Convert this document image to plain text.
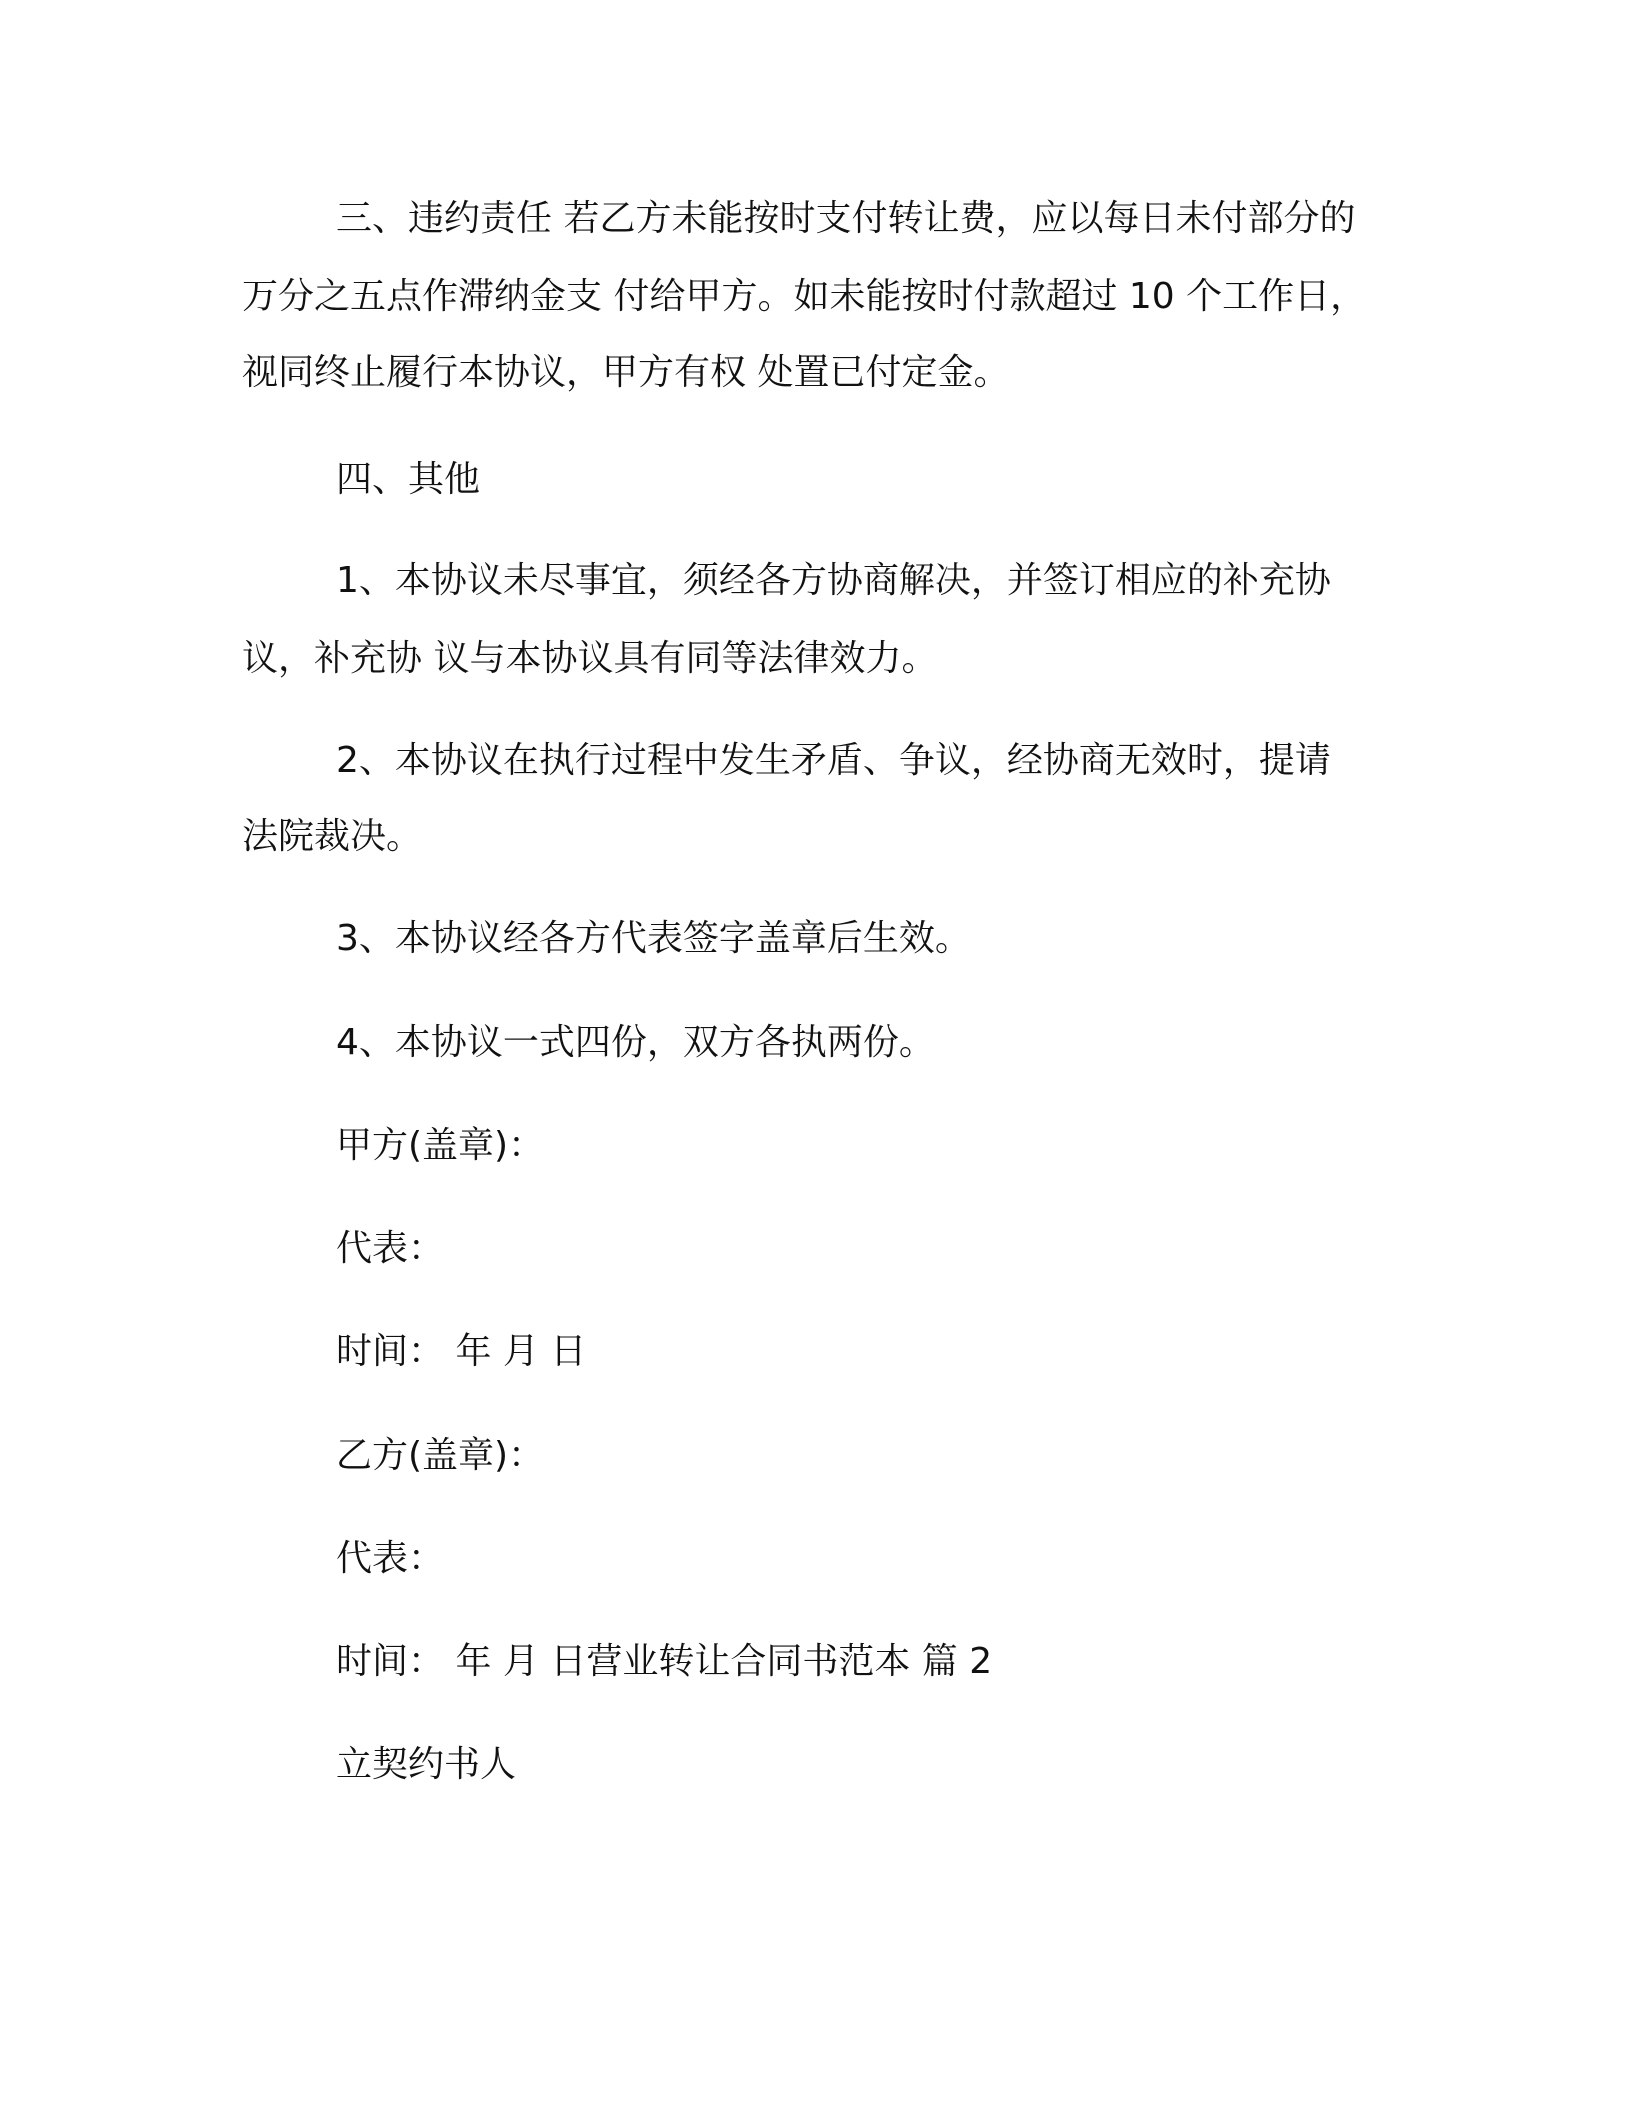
三、违约责任 若乙方未能按时支付转让费，应以每日未付部分的

万分之五点作滞纳金支 付给甲方。如未能按时付款超过 10 个工作日，

视同终止履行本协议，甲方有权 处置已付定金。

四、其他

1、本协议未尽事宜，须经各方协商解决，并签订相应的补充协

议，补充协 议与本协议具有同等法律效力。

2、本协议在执行过程中发生矛盾、争议，经协商无效时，提请

法院裁决。

3、本协议经各方代表签字盖章后生效。

4、本协议一式四份，双方各执两份。

甲方(盖章)：

代表：

时间： 年 月 日

乙方(盖章)：

代表：

时间： 年 月 日营业转让合同书范本 篇 2

立契约书人
